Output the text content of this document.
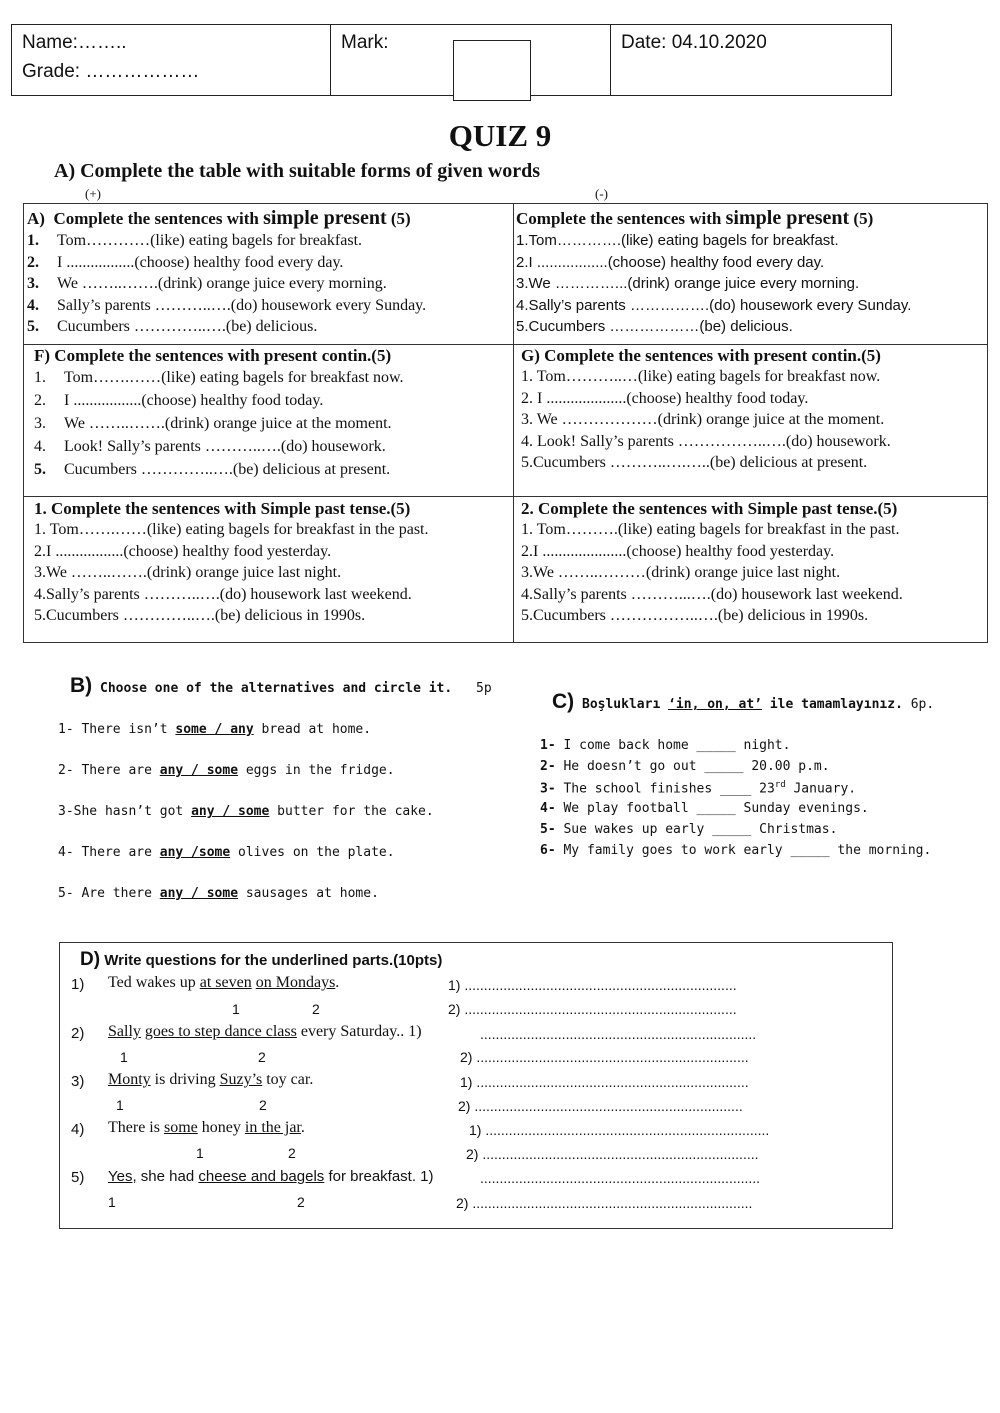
Name:……..
Grade: ………………
Mark:	Date: 04.10.2020
QUIZ 9
A) Complete the table with suitable forms of given words
(+)	(-)
A) Complete the sentences with simple present (5)
1. Tom…………(like) eating bagels for breakfast.
2. I .................(choose) healthy food every day.
3. We ……..…….(drink) orange juice every morning.
4. Sally’s parents ………..….(do) housework every Sunday.
5. Cucumbers …………..….(be) delicious.
Complete the sentences with simple present (5)
1.Tom………….(like) eating bagels for breakfast.
2.I .................(choose) healthy food every day.
3.We …………...(drink) orange juice every morning.
4.Sally’s parents …………….(do) housework every Sunday.
5.Cucumbers ………………(be) delicious.
F) Complete the sentences with present contin.(5)
1. Tom…….……(like) eating bagels for breakfast now.
2. I .................(choose) healthy food today.
3. We ……..…….(drink) orange juice at the moment.
4. Look! Sally’s parents ………..….(do) housework.
5. Cucumbers …………..….(be) delicious at present.
G) Complete the sentences with present contin.(5)
1. Tom………..…(like) eating bagels for breakfast now.
2. I ....................(choose) healthy food today.
3. We ………………(drink) orange juice at the moment.
4. Look! Sally’s parents ……………..….(do) housework.
5.Cucumbers ………..….…..(be) delicious at present.
1. Complete the sentences with Simple past tense.(5)
1. Tom…….……(like) eating bagels for breakfast in the past.
2.I .................(choose) healthy food yesterday.
3.We ……..…….(drink) orange juice last night.
4.Sally’s parents ………..….(do) housework last weekend.
5.Cucumbers …………..….(be) delicious in 1990s.
2. Complete the sentences with Simple past tense.(5)
1. Tom……….(like) eating bagels for breakfast in the past.
2.I .....................(choose) healthy food yesterday.
3.We ……..………(drink) orange juice last night.
4.Sally’s parents ………...….(do) housework last weekend.
5.Cucumbers ……………..….(be) delicious in 1990s.
B) Choose one of the alternatives and circle it. 5p
1- There isn’t some / any bread at home.
2- There are any / some eggs in the fridge.
3-She hasn’t got any / some butter for the cake.
4- There are any /some olives on the plate.
5- Are there any / some sausages at home.
C) Boşlukları ‘in, on, at’ ile tamamlayınız. 6p.
1- I come back home _____ night.
2- He doesn’t go out _____ 20.00 p.m.
3- The school finishes ____ 23rd January.
4- We play football _____ Sunday evenings.
5- Sue wakes up early _____ Christmas.
6- My family goes to work early _____ the morning.
D) Write questions for the underlined parts.(10pts)
1) Ted wakes up at seven on Mondays.	1) ......................................................................
1	2	2) ......................................................................
2) Sally goes to step dance class every Saturday.. 1)	.......................................................................
1	2	2) ......................................................................
3) Monty is driving Suzy’s toy car.	1) ......................................................................
1	2	2) .....................................................................
4) There is some honey in the jar.	1) .........................................................................
1	2	2) .......................................................................
5) Yes, she had cheese and bagels for breakfast. 1)	........................................................................
1	2	2) ........................................................................
